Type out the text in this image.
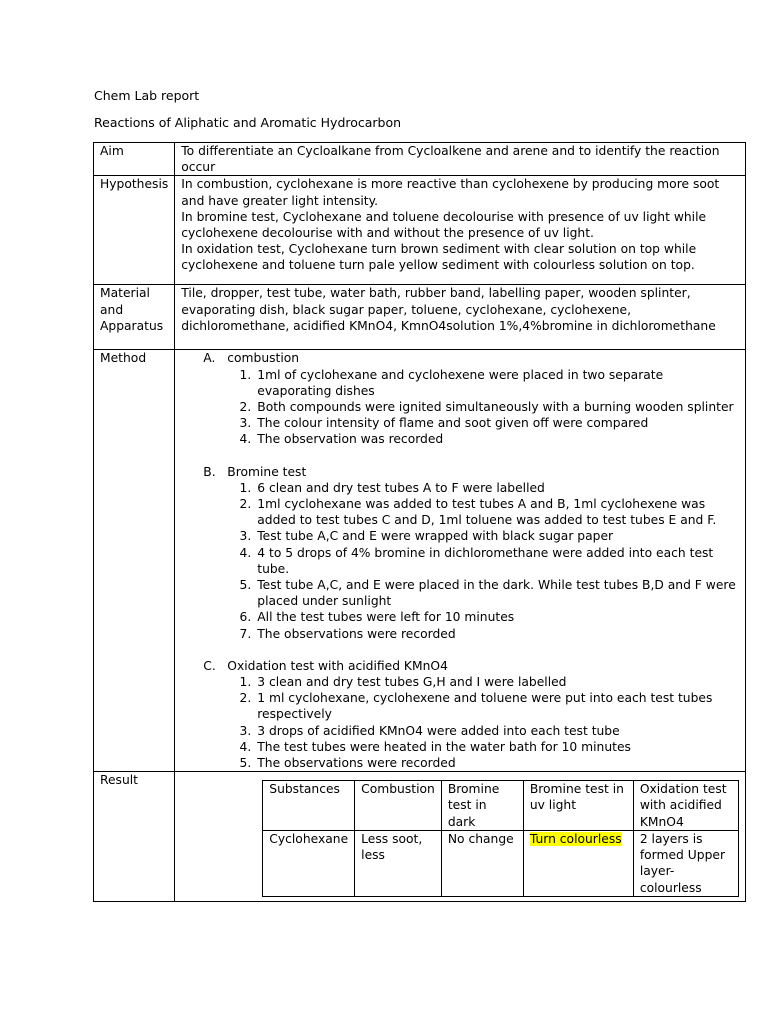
Chem Lab report
Reactions of Aliphatic and Aromatic Hydrocarbon
Aim	To differentiate an Cycloalkane from Cycloalkene and arene and to identify the reaction occur
Hypothesis	In combustion, cyclohexane is more reactive than cyclohexene by producing more soot and have greater light intensity.
In bromine test, Cyclohexane and toluene decolourise with presence of uv light while cyclohexene decolourise with and without the presence of uv light.
In oxidation test, Cyclohexane turn brown sediment with clear solution on top while cyclohexene and toluene turn pale yellow sediment with colourless solution on top.

Material
and
Apparatus
	Tile, dropper, test tube, water bath, rubber band, labelling paper, wooden splinter, evaporating dish, black sugar paper, toluene, cyclohexane, cyclohexene, dichloromethane, acidified KMnO4, KmnO4solution 1%,4%bromine in dichloromethane
Method	A. combustion
1. 1ml of cyclohexane and cyclohexene were placed in two separate evaporating dishes
2. Both compounds were ignited simultaneously with a burning wooden splinter
3. The colour intensity of flame and soot given off were compared
4. The observation was recorded
B. Bromine test
1. 6 clean and dry test tubes A to F were labelled
2. 1ml cyclohexane was added to test tubes A and B, 1ml cyclohexene was added to test tubes C and D, 1ml toluene was added to test tubes E and F.
3. Test tube A,C and E were wrapped with black sugar paper
4. 4 to 5 drops of 4% bromine in dichloromethane were added into each test tube.
5. Test tube A,C, and E were placed in the dark. While test tubes B,D and F were placed under sunlight
6. All the test tubes were left for 10 minutes
7. The observations were recorded
C. Oxidation test with acidified KMnO4
1. 3 clean and dry test tubes G,H and I were labelled
2. 1 ml cyclohexane, cyclohexene and toluene were put into each test tubes respectively
3. 3 drops of acidified KMnO4 were added into each test tube
4. The test tubes were heated in the water bath for 10 minutes
5. The observations were recorded

Result	
Substances	Combustion	Bromine test in dark	Bromine test in uv light	Oxidation test with acidified KMnO4
Cyclohexane	Less soot, less	No change	Turn colourless	2 layers is formed Upper layer- colourless
